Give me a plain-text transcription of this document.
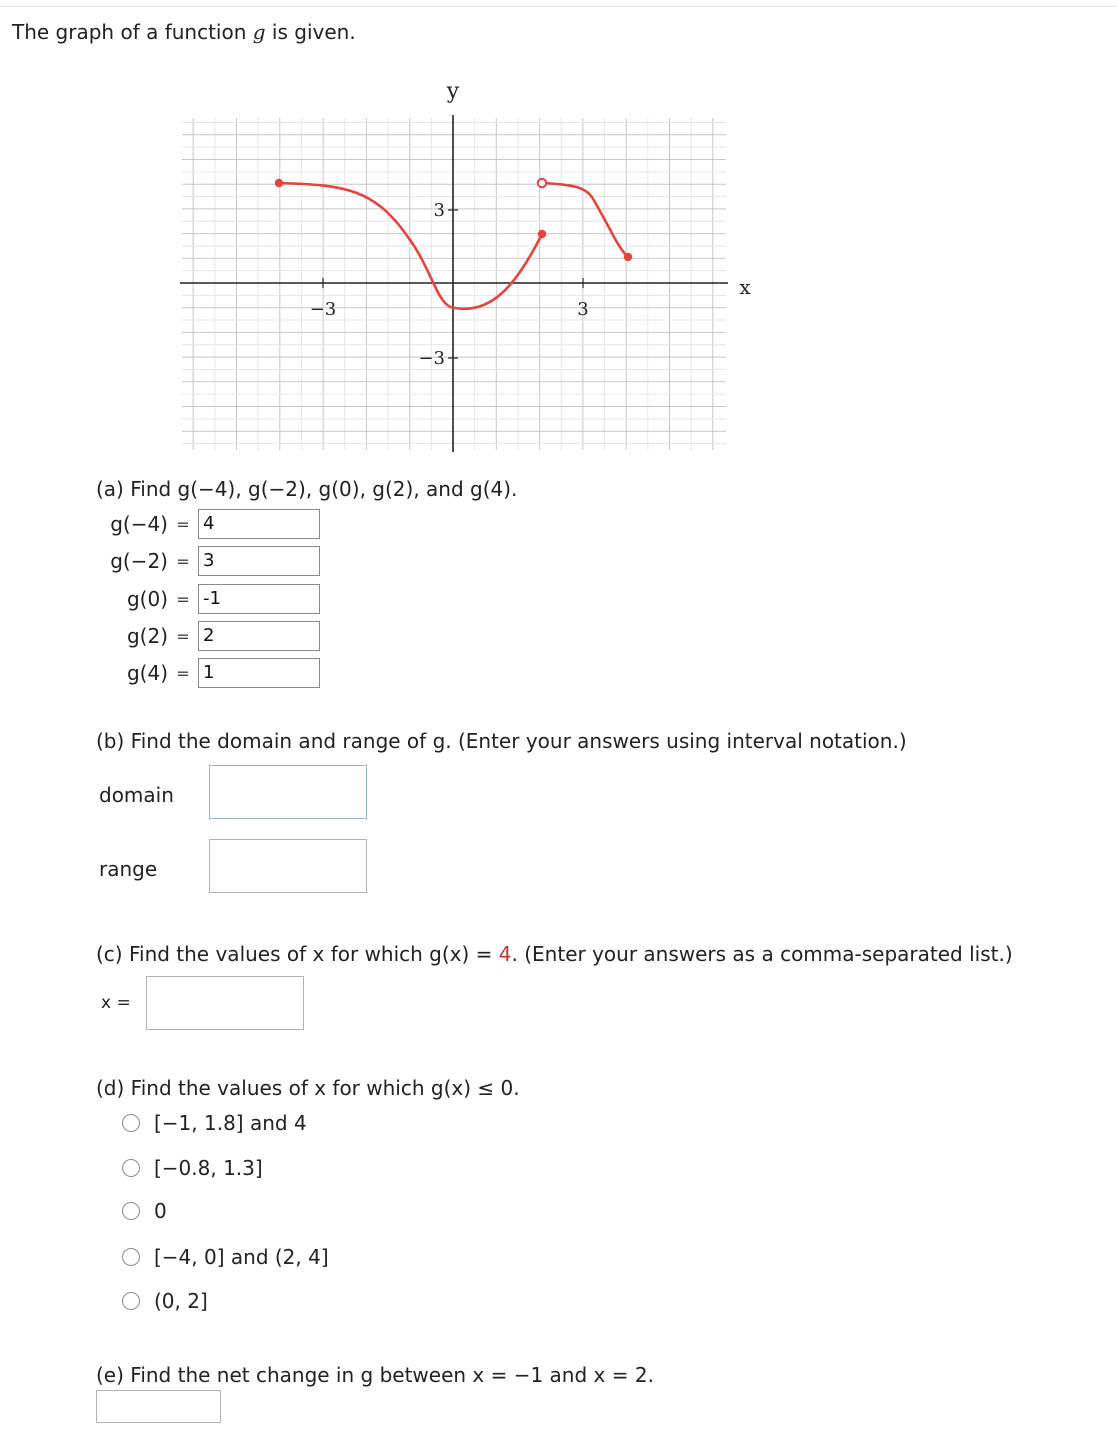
The graph of a function g is given.
y
x
−3	3
3
−3
(a) Find g(−4), g(−2), g(0), g(2), and g(4).
g(−4) = 4
g(−2) = 3
g(0) = -1
g(2) = 2
g(4) = 1
(b) Find the domain and range of g. (Enter your answers using interval notation.)
domain
range
(c) Find the values of x for which g(x) = 4. (Enter your answers as a comma-separated list.)
x =
(d) Find the values of x for which g(x) ≤ 0.
[−1, 1.8] and 4
[−0.8, 1.3]
0
[−4, 0] and (2, 4]
(0, 2]
(e) Find the net change in g between x = −1 and x = 2.
